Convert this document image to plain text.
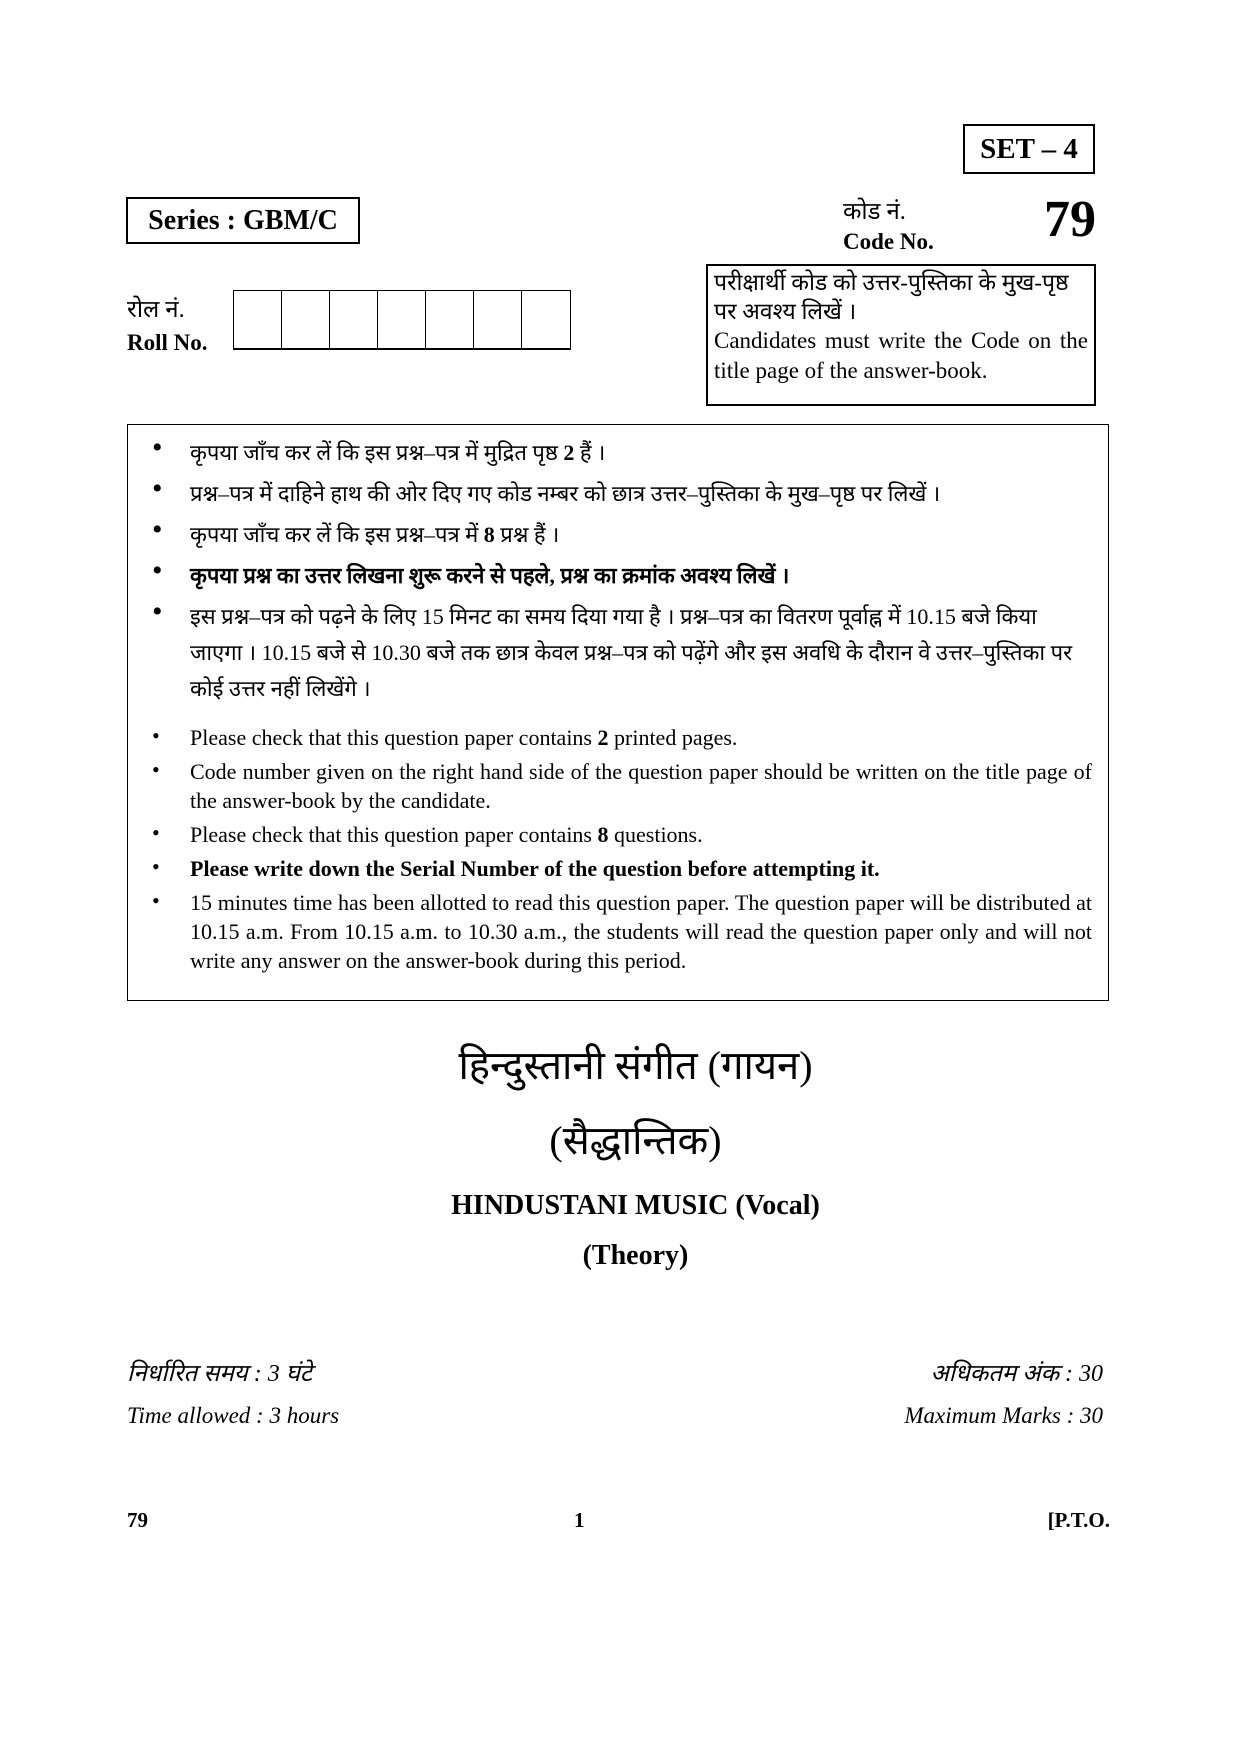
SET – 4
Series : GBM/C	कोड नं.
Code No. 79
रोल नं.
Roll No.
परीक्षार्थी कोड को उत्तर-पुस्तिका के मुख-पृष्ठ
पर अवश्य लिखें ।
Candidates must write the Code on the title page of the answer-book.
• कृपया जाँच कर लें कि इस प्रश्न–पत्र में मुद्रित पृष्ठ 2 हैं ।
• प्रश्न–पत्र में दाहिने हाथ की ओर दिए गए कोड नम्बर को छात्र उत्तर–पुस्तिका के मुख–पृष्ठ पर लिखें ।
• कृपया जाँच कर लें कि इस प्रश्न–पत्र में 8 प्रश्न हैं ।
• कृपया प्रश्न का उत्तर लिखना शुरू करने से पहले, प्रश्न का क्रमांक अवश्य लिखें ।
• इस प्रश्न–पत्र को पढ़ने के लिए 15 मिनट का समय दिया गया है । प्रश्न–पत्र का वितरण पूर्वाह्न में 10.15 बजे किया जाएगा । 10.15 बजे से 10.30 बजे तक छात्र केवल प्रश्न–पत्र को पढ़ेंगे और इस अवधि के दौरान वे उत्तर–पुस्तिका पर कोई उत्तर नहीं लिखेंगे ।
• Please check that this question paper contains 2 printed pages.
• Code number given on the right hand side of the question paper should be written on the title page of the answer-book by the candidate.
• Please check that this question paper contains 8 questions.
• Please write down the Serial Number of the question before attempting it.
• 15 minutes time has been allotted to read this question paper. The question paper will be distributed at 10.15 a.m. From 10.15 a.m. to 10.30 a.m., the students will read the question paper only and will not write any answer on the answer-book during this period.
हिन्दुस्तानी संगीत (गायन)
(सैद्धान्तिक)
HINDUSTANI MUSIC (Vocal)
(Theory)
निर्धारित समय : 3 घंटे
Time allowed : 3 hours
अधिकतम अंक : 30
Maximum Marks : 30
79	1	[P.T.O.
